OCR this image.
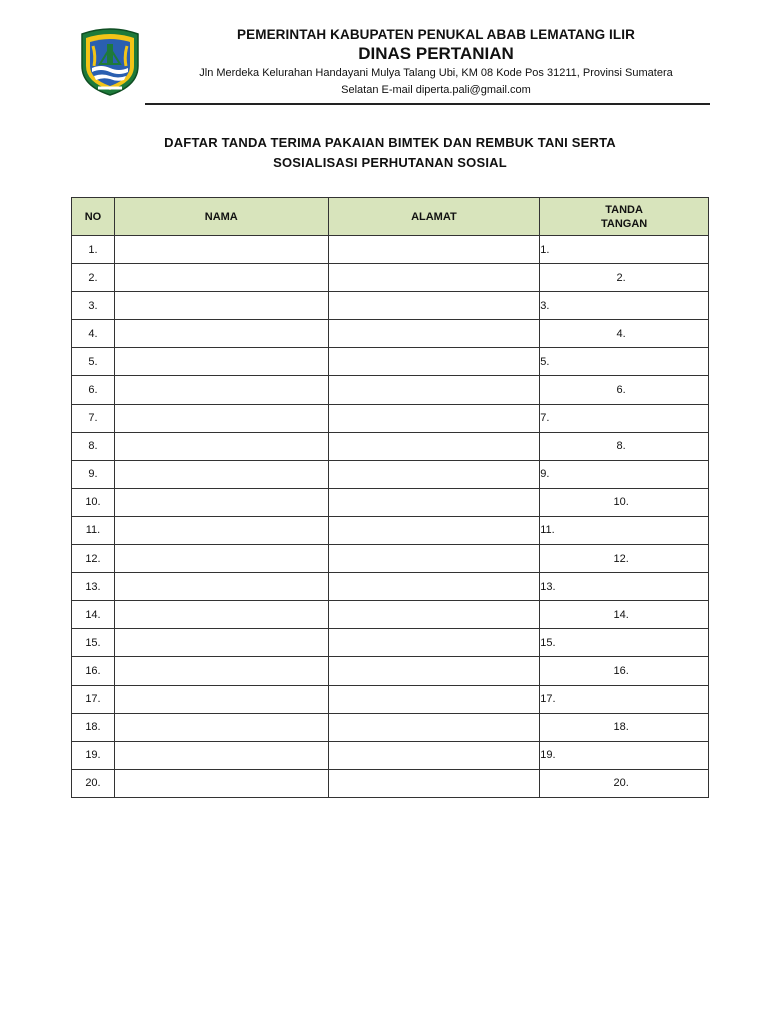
PEMERINTAH KABUPATEN PENUKAL ABAB LEMATANG ILIR
DINAS PERTANIAN
Jln Merdeka Kelurahan Handayani Mulya Talang Ubi, KM 08 Kode Pos 31211, Provinsi Sumatera
Selatan E-mail diperta.pali@gmail.com
DAFTAR TANDA TERIMA PAKAIAN BIMTEK DAN REMBUK TANI SERTA
SOSIALISASI PERHUTANAN SOSIAL
NO	NAMA	ALAMAT	TANDA
TANGAN

1.			1.
2.			2.

3.			3.
4.			4.

5.			5.
6.			6.

7.			7.
8.			8.

9.			9.
10.			10.

11.			11.
12.			12.

13.			13.
14.			14.

15.			15.
16.			16.

17.			17.
18.			18.

19.			19.
20.			20.
